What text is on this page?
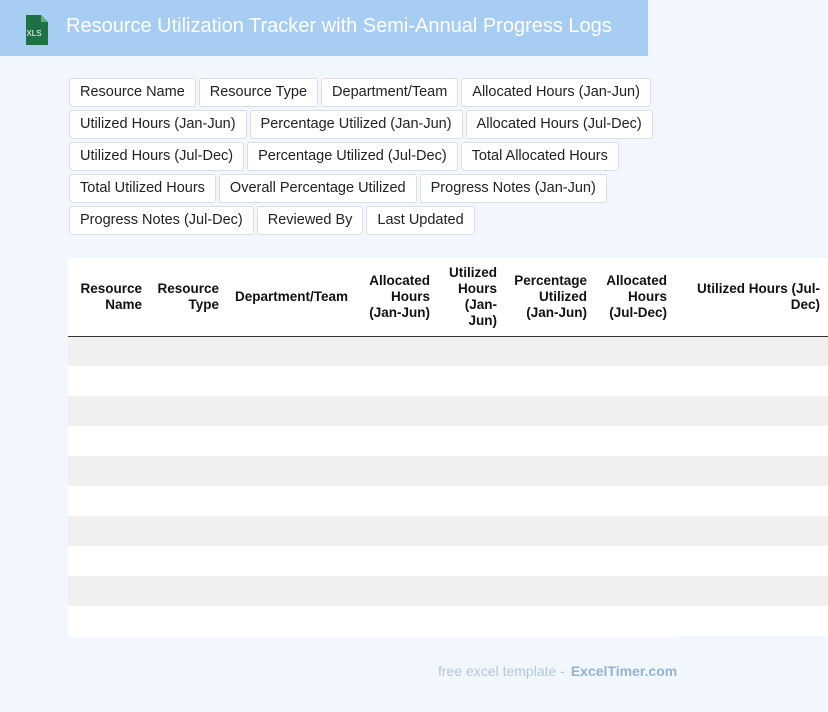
XLS Resource Utilization Tracker with Semi-Annual Progress Logs
Resource Name	Resource Type	Department/Team	Allocated Hours (Jan-Jun)
Utilized Hours (Jan-Jun)	Percentage Utilized (Jan-Jun)	Allocated Hours (Jul-Dec)
Utilized Hours (Jul-Dec)	Percentage Utilized (Jul-Dec)	Total Allocated Hours
Total Utilized Hours	Overall Percentage Utilized	Progress Notes (Jan-Jun)
Progress Notes (Jul-Dec)	Reviewed By	Last Updated
Resource Name	Resource Type	Department/Team	Allocated Hours (Jan-Jun)	Utilized Hours (Jan-Jun)	Percentage Utilized (Jan-Jun)	Allocated Hours (Jul-Dec)	Utilized Hours (Jul-Dec)

free excel template - ExcelTimer.com
